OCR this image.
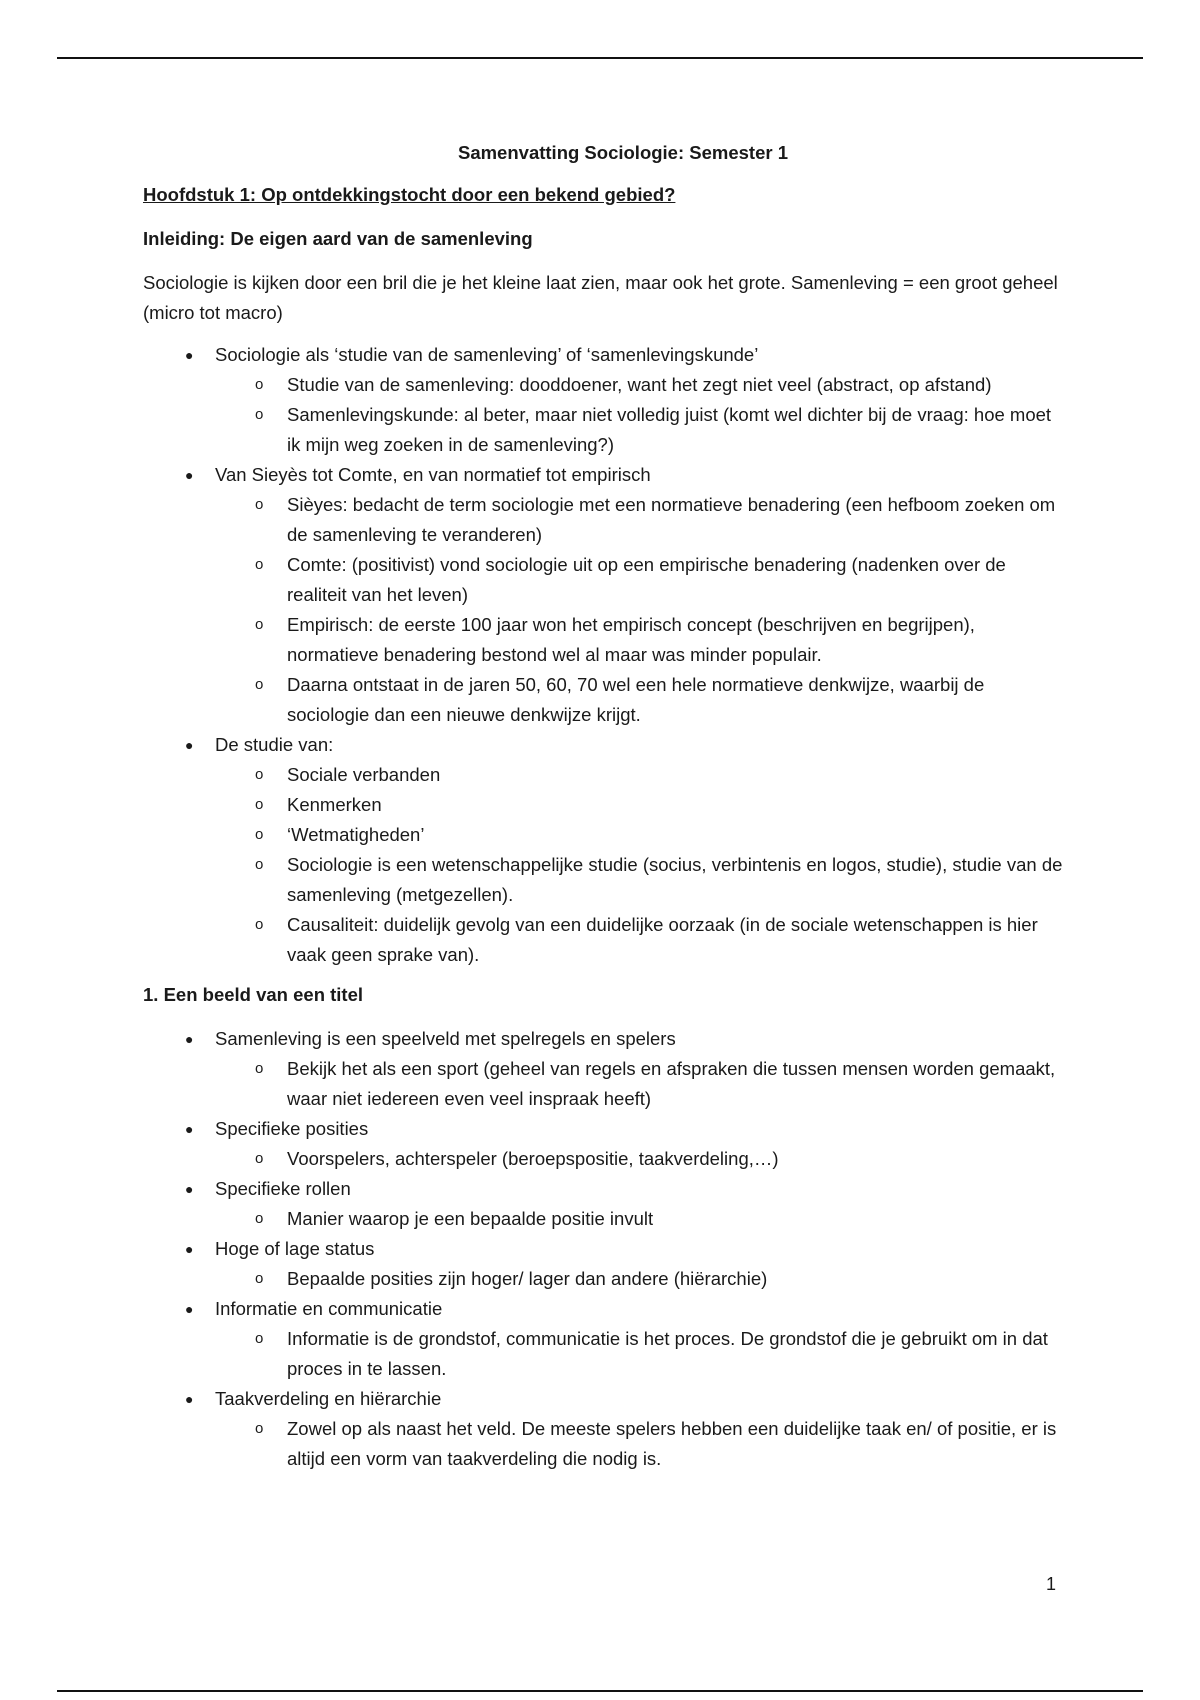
Samenvatting Sociologie: Semester 1
Hoofdstuk 1: Op ontdekkingstocht door een bekend gebied?
Inleiding: De eigen aard van de samenleving
Sociologie is kijken door een bril die je het kleine laat zien, maar ook het grote. Samenleving = een groot geheel (micro tot macro)
● Sociologie als ‘studie van de samenleving’ of ‘samenlevingskunde’
o Studie van de samenleving: dooddoener, want het zegt niet veel (abstract, op afstand)
o Samenlevingskunde: al beter, maar niet volledig juist (komt wel dichter bij de vraag: hoe moet ik mijn weg zoeken in de samenleving?)
● Van Sieyès tot Comte, en van normatief tot empirisch
o Sièyes: bedacht de term sociologie met een normatieve benadering (een hefboom zoeken om de samenleving te veranderen)
o Comte: (positivist) vond sociologie uit op een empirische benadering (nadenken over de realiteit van het leven)
o Empirisch: de eerste 100 jaar won het empirisch concept (beschrijven en begrijpen), normatieve benadering bestond wel al maar was minder populair.
o Daarna ontstaat in de jaren 50, 60, 70 wel een hele normatieve denkwijze, waarbij de sociologie dan een nieuwe denkwijze krijgt.
● De studie van:
o Sociale verbanden
o Kenmerken
o ‘Wetmatigheden’
o Sociologie is een wetenschappelijke studie (socius, verbintenis en logos, studie), studie van de samenleving (metgezellen).
o Causaliteit: duidelijk gevolg van een duidelijke oorzaak (in de sociale wetenschappen is hier vaak geen sprake van).
1. Een beeld van een titel
● Samenleving is een speelveld met spelregels en spelers
o Bekijk het als een sport (geheel van regels en afspraken die tussen mensen worden gemaakt, waar niet iedereen even veel inspraak heeft)
● Specifieke posities
o Voorspelers, achterspeler (beroepspositie, taakverdeling,…)
● Specifieke rollen
o Manier waarop je een bepaalde positie invult
● Hoge of lage status
o Bepaalde posities zijn hoger/ lager dan andere (hiërarchie)
● Informatie en communicatie
o Informatie is de grondstof, communicatie is het proces. De grondstof die je gebruikt om in dat proces in te lassen.
● Taakverdeling en hiërarchie
o Zowel op als naast het veld. De meeste spelers hebben een duidelijke taak en/ of positie, er is altijd een vorm van taakverdeling die nodig is.
1
